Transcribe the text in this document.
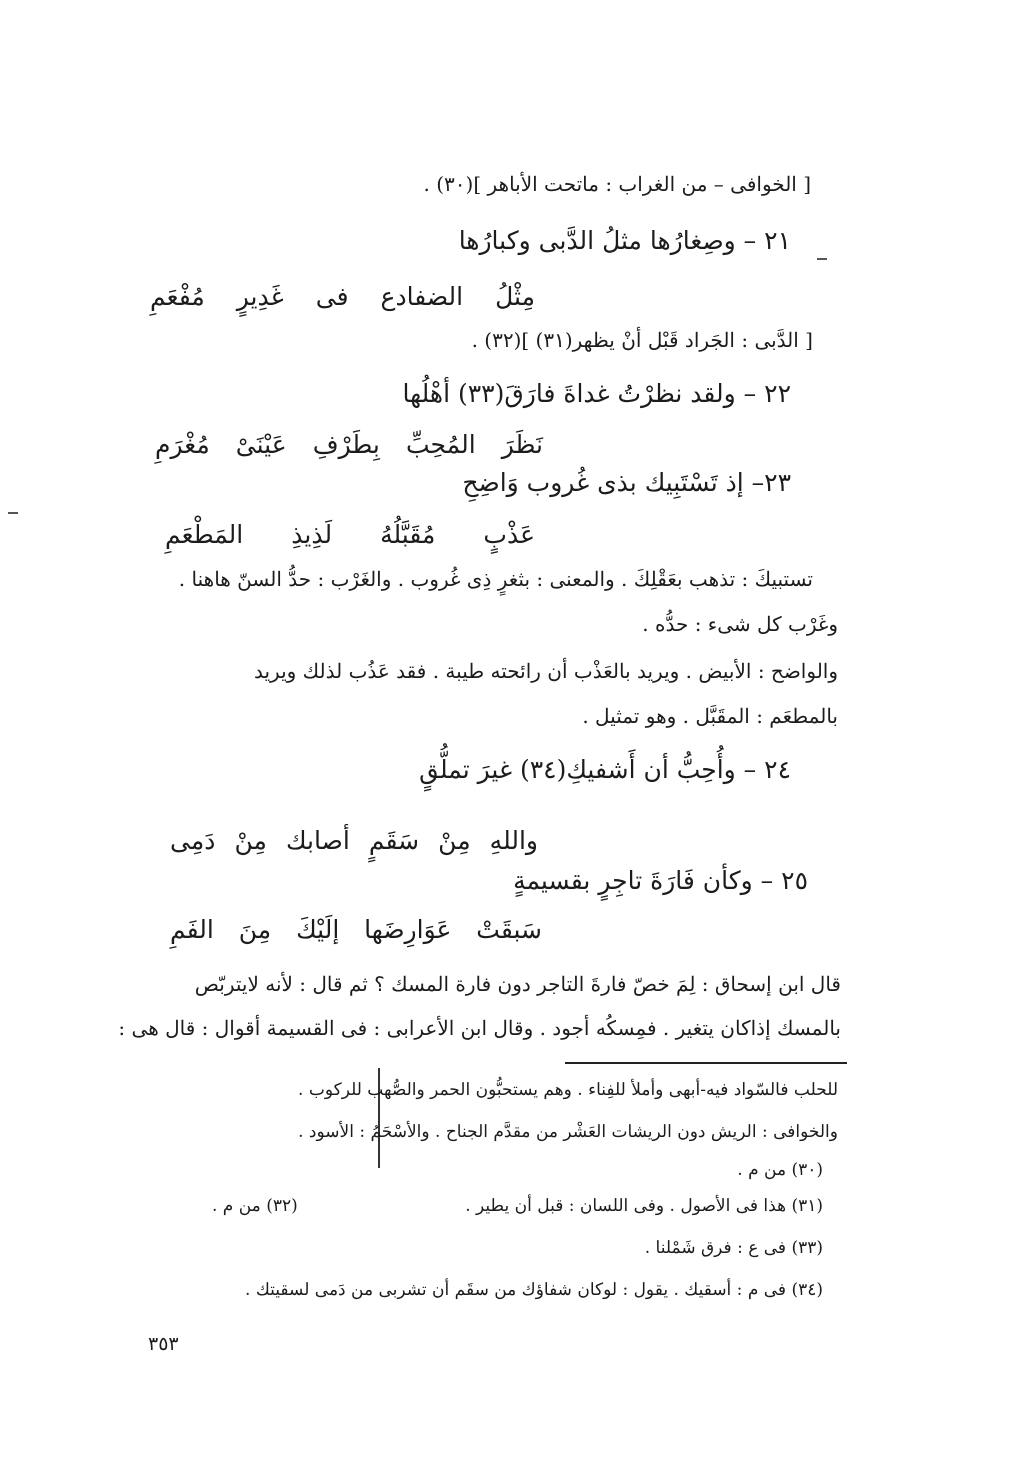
[ الخوافى – من الغراب : ماتحت الأباهر ](٣٠) .
٢١ – وصِغارُها مثلُ الدَّبى وكبارُها
مِثْلُ الضفادع فى غَدِيرٍ مُفْعَمِ
[ الدَّبى : الجَراد قَبْل أنْ يظهر(٣١) ](٣٢) .
٢٢ – ولقد نظرْتُ غداةَ فارَقَ(٣٣) أهْلُها
نَظَرَ المُحِبِّ بِطَرْفِ عَيْنَىْ مُغْرَمِ
٢٣– إذ تَسْتَبِيك بذى غُروب وَاضِحِ
عَذْبٍ مُقَبَّلُهُ لَذِيذِ المَطْعَمِ
تستبيكَ : تذهب بعَقْلِكَ . والمعنى : بثغرٍ ذِى غُروب . والغَرْب : حدُّ السنّ هاهنا .
وغَرْب كل شىء : حدُّه .
والواضح : الأبيض . ويريد بالعَذْب أن رائحته طيبة . فقد عَذُب لذلك ويريد
بالمطعَم : المقَبَّل . وهو تمثيل .
٢٤ – وأُحِبُّ أن أَشفيكِ(٣٤) غيرَ تملُّقٍ
واللهِ مِنْ سَقَمٍ أصابك مِنْ دَمِى
٢٥ – وكأن فَارَةَ تاجِرٍ بقسيمةٍ
سَبقَتْ عَوَارِضَها إلَيْكَ مِنَ الفَمِ
قال ابن إسحاق : لِمَ خصّ فارةَ التاجر دون فارة المسك ؟ ثم قال : لأنه لايتربّص
بالمسك إذاكان يتغير . فمِسكُه أجود . وقال ابن الأعرابى : فى القسيمة أقوال : قال هى :
للحلب فالسّواد فيه-أبهى وأملأ للفِناء . وهم يستحبُّون الحمر والصُّهب للركوب .
والخوافى : الريش دون الريشات العَشْر من مقدَّم الجناح . والأسْحَمُ : الأسود .
(٣٠) من م .
(٣١) هذا فى الأصول . وفى اللسان : قبل أن يطير .
(٣٢) من م .
(٣٣) فى ع : فرق شَمْلنا .
(٣٤) فى م : أسقيك . يقول : لوكان شفاؤك من سقَم أن تشربى من دَمى لسقيتك .
٣٥٣
